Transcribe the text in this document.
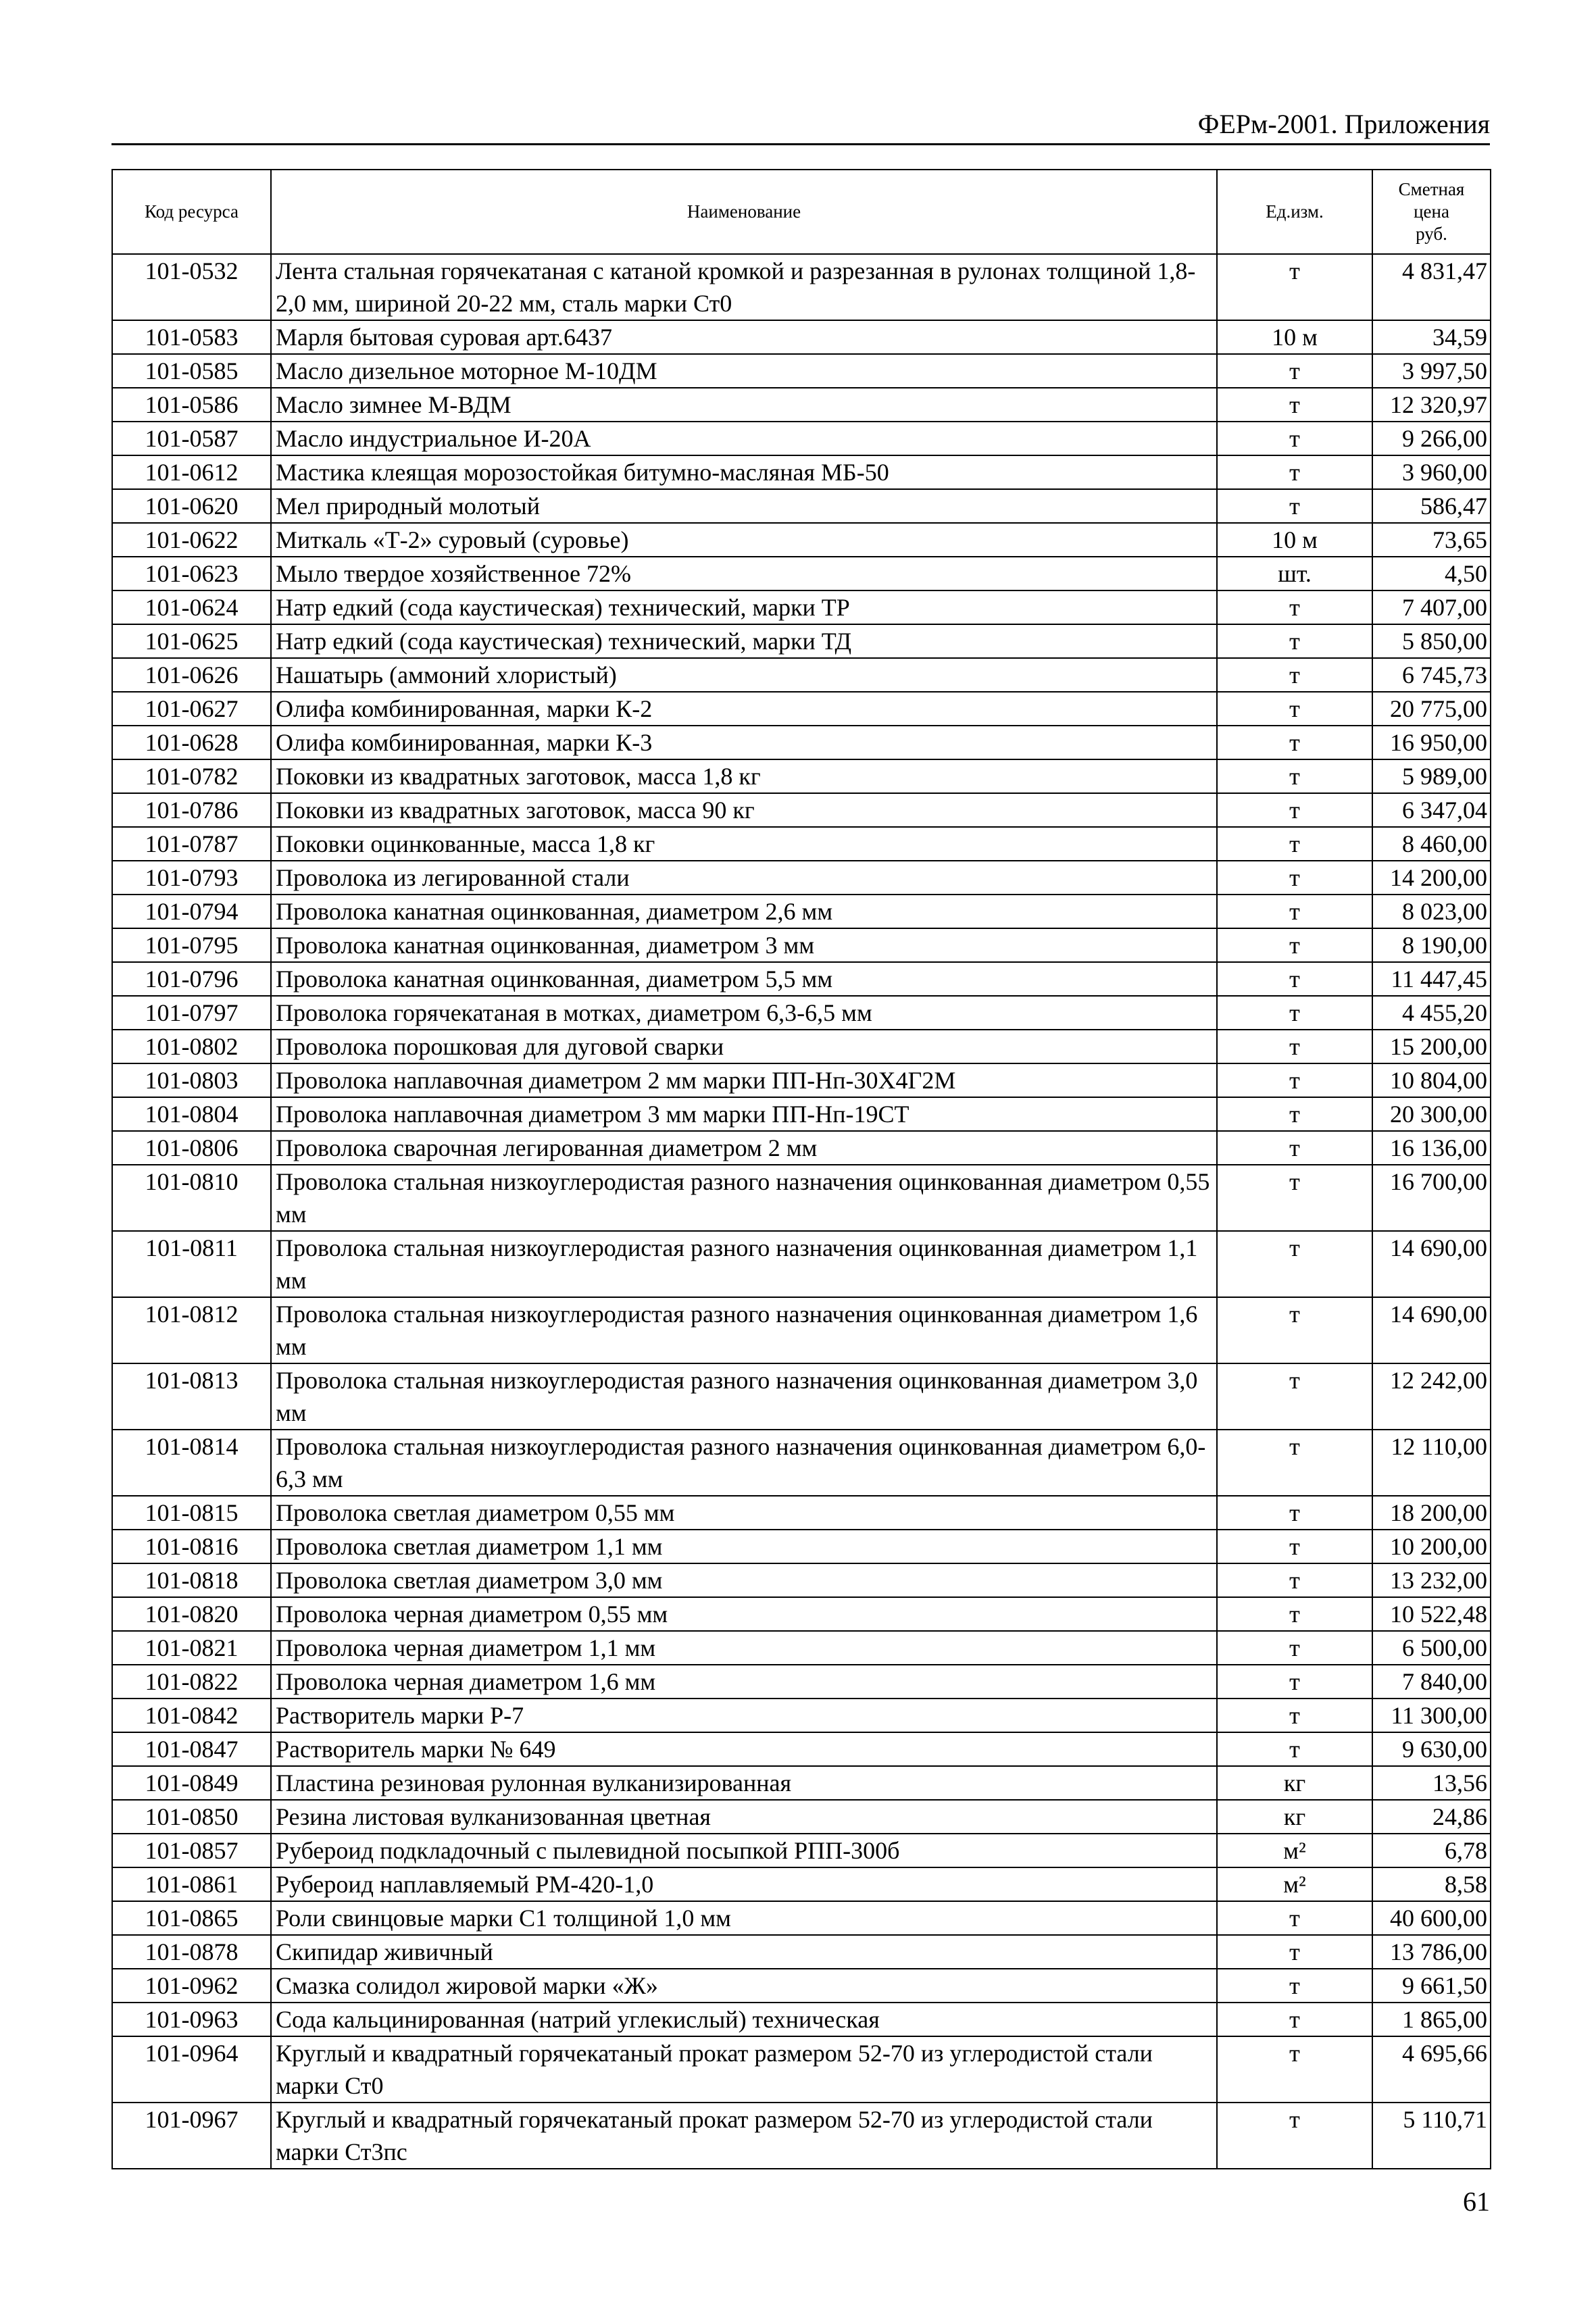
ФЕРм-2001. Приложения
Код ресурса	Наименование	Ед.изм.	Сметная
цена
руб.

101-0532	Лента стальная горячекатаная с катаной кромкой и разрезанная в рулонах толщиной 1,8-2,0 мм, шириной 20-22 мм, сталь марки Ст0	т	4 831,47
101-0583	Марля бытовая суровая арт.6437	10 м	34,59
101-0585	Масло дизельное моторное М-10ДМ	т	3 997,50
101-0586	Масло зимнее М-ВДМ	т	12 320,97
101-0587	Масло индустриальное И-20А	т	9 266,00
101-0612	Мастика клеящая морозостойкая битумно-масляная МБ-50	т	3 960,00
101-0620	Мел природный молотый	т	586,47
101-0622	Миткаль «Т-2» суровый (суровье)	10 м	73,65
101-0623	Мыло твердое хозяйственное 72%	шт.	4,50
101-0624	Натр едкий (сода каустическая) технический, марки ТР	т	7 407,00
101-0625	Натр едкий (сода каустическая) технический, марки ТД	т	5 850,00
101-0626	Нашатырь (аммоний хлористый)	т	6 745,73
101-0627	Олифа комбинированная, марки К-2	т	20 775,00
101-0628	Олифа комбинированная, марки К-3	т	16 950,00
101-0782	Поковки из квадратных заготовок, масса 1,8 кг	т	5 989,00
101-0786	Поковки из квадратных заготовок, масса 90 кг	т	6 347,04
101-0787	Поковки оцинкованные, масса 1,8 кг	т	8 460,00
101-0793	Проволока из легированной стали	т	14 200,00
101-0794	Проволока канатная оцинкованная, диаметром 2,6 мм	т	8 023,00
101-0795	Проволока канатная оцинкованная, диаметром 3 мм	т	8 190,00
101-0796	Проволока канатная оцинкованная, диаметром 5,5 мм	т	11 447,45
101-0797	Проволока горячекатаная в мотках, диаметром 6,3-6,5 мм	т	4 455,20
101-0802	Проволока порошковая для дуговой сварки	т	15 200,00
101-0803	Проволока наплавочная диаметром 2 мм марки ПП-Нп-30Х4Г2М	т	10 804,00
101-0804	Проволока наплавочная диаметром 3 мм марки ПП-Нп-19СТ	т	20 300,00
101-0806	Проволока сварочная легированная диаметром 2 мм	т	16 136,00
101-0810	Проволока стальная низкоуглеродистая разного назначения оцинкованная диаметром 0,55 мм	т	16 700,00
101-0811	Проволока стальная низкоуглеродистая разного назначения оцинкованная диаметром 1,1 мм	т	14 690,00
101-0812	Проволока стальная низкоуглеродистая разного назначения оцинкованная диаметром 1,6 мм	т	14 690,00
101-0813	Проволока стальная низкоуглеродистая разного назначения оцинкованная диаметром 3,0 мм	т	12 242,00
101-0814	Проволока стальная низкоуглеродистая разного назначения оцинкованная диаметром 6,0-6,3 мм	т	12 110,00
101-0815	Проволока светлая диаметром 0,55 мм	т	18 200,00
101-0816	Проволока светлая диаметром 1,1 мм	т	10 200,00
101-0818	Проволока светлая диаметром 3,0 мм	т	13 232,00
101-0820	Проволока черная диаметром 0,55 мм	т	10 522,48
101-0821	Проволока черная диаметром 1,1 мм	т	6 500,00
101-0822	Проволока черная диаметром 1,6 мм	т	7 840,00
101-0842	Растворитель марки Р-7	т	11 300,00
101-0847	Растворитель марки № 649	т	9 630,00
101-0849	Пластина резиновая рулонная вулканизированная	кг	13,56
101-0850	Резина листовая вулканизованная цветная	кг	24,86
101-0857	Рубероид подкладочный с пылевидной посыпкой РПП-300б	м²	6,78
101-0861	Рубероид наплавляемый РМ-420-1,0	м²	8,58
101-0865	Роли свинцовые марки С1 толщиной 1,0 мм	т	40 600,00
101-0878	Скипидар живичный	т	13 786,00
101-0962	Смазка солидол жировой марки «Ж»	т	9 661,50
101-0963	Сода кальцинированная (натрий углекислый) техническая	т	1 865,00
101-0964	Круглый и квадратный горячекатаный прокат размером 52-70 из углеродистой стали марки Ст0	т	4 695,66
101-0967	Круглый и квадратный горячекатаный прокат размером 52-70 из углеродистой стали марки Ст3пс	т	5 110,71
61
